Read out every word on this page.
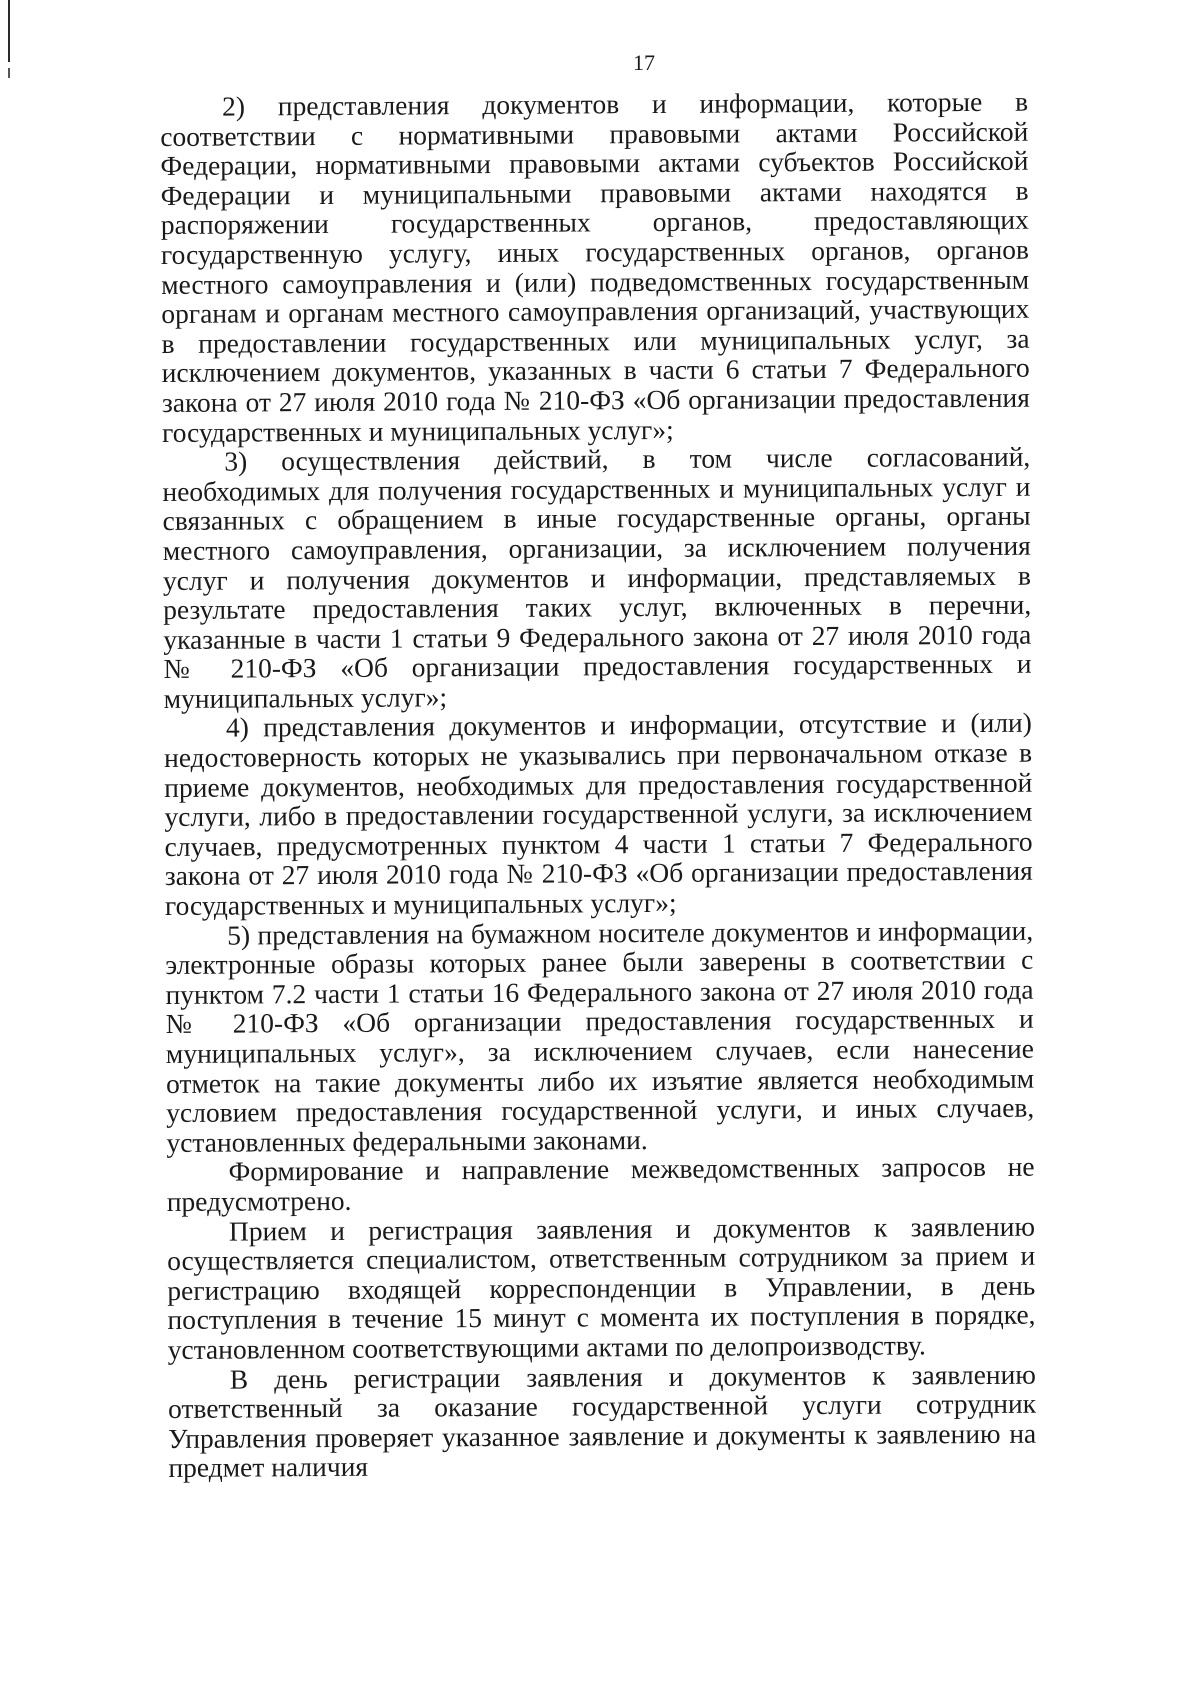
17

2) представления документов и информации, которые в соответствии с нормативными правовыми актами Российской Федерации, нормативными правовыми актами субъектов Российской Федерации и муниципальными правовыми актами находятся в распоряжении государственных органов, предоставляющих государственную услугу, иных государственных органов, органов местного самоуправления и (или) подведомственных государственным органам и органам местного самоуправления организаций, участвующих в предоставлении государственных или муниципальных услуг, за исключением документов, указанных в части 6 статьи 7 Федерального закона от 27 июля 2010 года № 210-ФЗ «Об организации предоставления государственных и муниципальных услуг»;

3) осуществления действий, в том числе согласований, необходимых для получения государственных и муниципальных услуг и связанных с обращением в иные государственные органы, органы местного самоуправления, организации, за исключением получения услуг и получения документов и информации, представляемых в результате предоставления таких услуг, включенных в перечни, указанные в части 1 статьи 9 Федерального закона от 27 июля 2010 года № 210-ФЗ «Об организации предоставления государственных и муниципальных услуг»;

4) представления документов и информации, отсутствие и (или) недостоверность которых не указывались при первоначальном отказе в приеме документов, необходимых для предоставления государственной услуги, либо в предоставлении государственной услуги, за исключением случаев, предусмотренных пунктом 4 части 1 статьи 7 Федерального закона от 27 июля 2010 года № 210-ФЗ «Об организации предоставления государственных и муниципальных услуг»;

5) представления на бумажном носителе документов и информации, электронные образы которых ранее были заверены в соответствии с пунктом 7.2 части 1 статьи 16 Федерального закона от 27 июля 2010 года № 210-ФЗ «Об организации предоставления государственных и муниципальных услуг», за исключением случаев, если нанесение отметок на такие документы либо их изъятие является необходимым условием предоставления государственной услуги, и иных случаев, установленных федеральными законами.

Формирование и направление межведомственных запросов не предусмотрено.

Прием и регистрация заявления и документов к заявлению осуществляется специалистом, ответственным сотрудником за прием и регистрацию входящей корреспонденции в Управлении, в день поступления в течение 15 минут с момента их поступления в порядке, установленном соответствующими актами по делопроизводству.

В день регистрации заявления и документов к заявлению ответственный за оказание государственной услуги сотрудник Управления проверяет указанное заявление и документы к заявлению на предмет наличия
